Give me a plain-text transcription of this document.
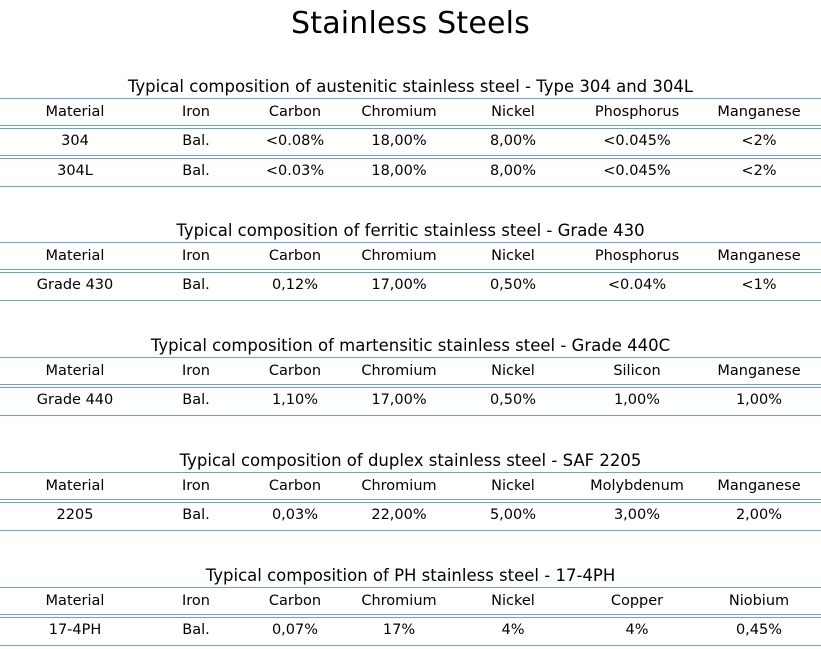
Stainless Steels
Typical composition of austenitic stainless steel - Type 304 and 304L
Material	Iron	Carbon	Chromium	Nickel	Phosphorus	Manganese
304	Bal.	<0.08%	18,00%	8,00%	<0.045%	<2%
304L	Bal.	<0.03%	18,00%	8,00%	<0.045%	<2%
Typical composition of ferritic stainless steel - Grade 430
Material	Iron	Carbon	Chromium	Nickel	Phosphorus	Manganese
Grade 430	Bal.	0,12%	17,00%	0,50%	<0.04%	<1%
Typical composition of martensitic stainless steel - Grade 440C
Material	Iron	Carbon	Chromium	Nickel	Silicon	Manganese
Grade 440	Bal.	1,10%	17,00%	0,50%	1,00%	1,00%
Typical composition of duplex stainless steel - SAF 2205
Material	Iron	Carbon	Chromium	Nickel	Molybdenum	Manganese
2205	Bal.	0,03%	22,00%	5,00%	3,00%	2,00%
Typical composition of PH stainless steel - 17-4PH
Material	Iron	Carbon	Chromium	Nickel	Copper	Niobium
17-4PH	Bal.	0,07%	17%	4%	4%	0,45%
